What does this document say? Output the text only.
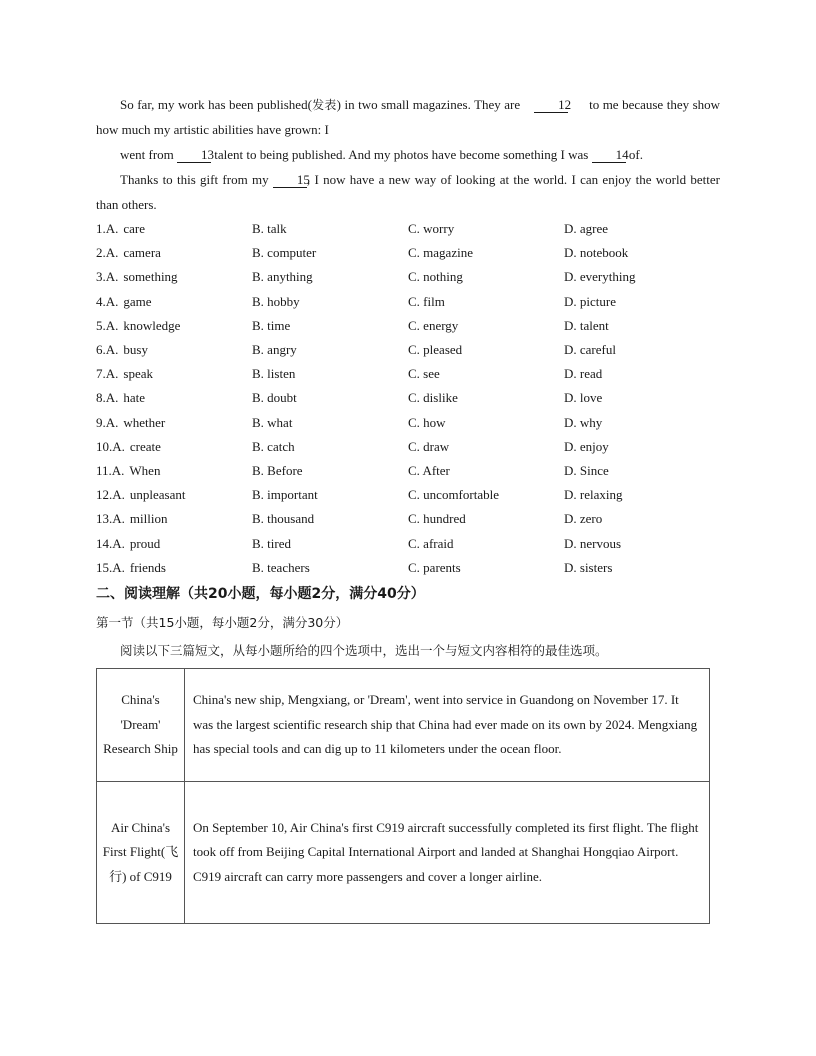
So far, my work has been published(发表) in two small magazines. They are	12 to me because they show how much my artistic abilities have grown: I
went from 13 talent to being published. And my photos have become something I was 14 of.
Thanks to this gift from my 15, I now have a new way of looking at the world. I can enjoy the world better than others.
1.A. care	B. talk	C. worry	D. agree
2.A. camera	B. computer	C. magazine	D. notebook
3.A. something	B. anything	C. nothing	D. everything
4.A. game	B. hobby	C. film	D. picture
5.A. knowledge	B. time	C. energy	D. talent
6.A. busy	B. angry	C. pleased	D. careful
7.A. speak	B. listen	C. see	D. read
8.A. hate	B. doubt	C. dislike	D. love
9.A. whether	B. what	C. how	D. why
10.A. create	B. catch	C. draw	D. enjoy
11.A. When	B. Before	C. After	D. Since
12.A. unpleasant	B. important	C. uncomfortable	D. relaxing
13.A. million	B. thousand	C. hundred	D. zero
14.A. proud	B. tired	C. afraid	D. nervous
15.A. friends	B. teachers	C. parents	D. sisters
二、阅读理解（共20小题，每小题2分，满分40分）
第一节（共15小题，每小题2分，满分30分）
阅读以下三篇短文，从每小题所给的四个选项中，选出一个与短文内容相符的最佳选项。
China's 'Dream' Research Ship	China's new ship, Mengxiang, or 'Dream', went into service in Guandong on November 17. It was the largest scientific research ship that China had ever made on its own by 2024. Mengxiang has special tools and can dig up to 11 kilometers under the ocean floor.
Air China's First Flight(飞行) of C919	On September 10, Air China's first C919 aircraft successfully completed its first flight. The flight took off from Beijing Capital International Airport and landed at Shanghai Hongqiao Airport. C919 aircraft can carry more passengers and cover a longer airline.
